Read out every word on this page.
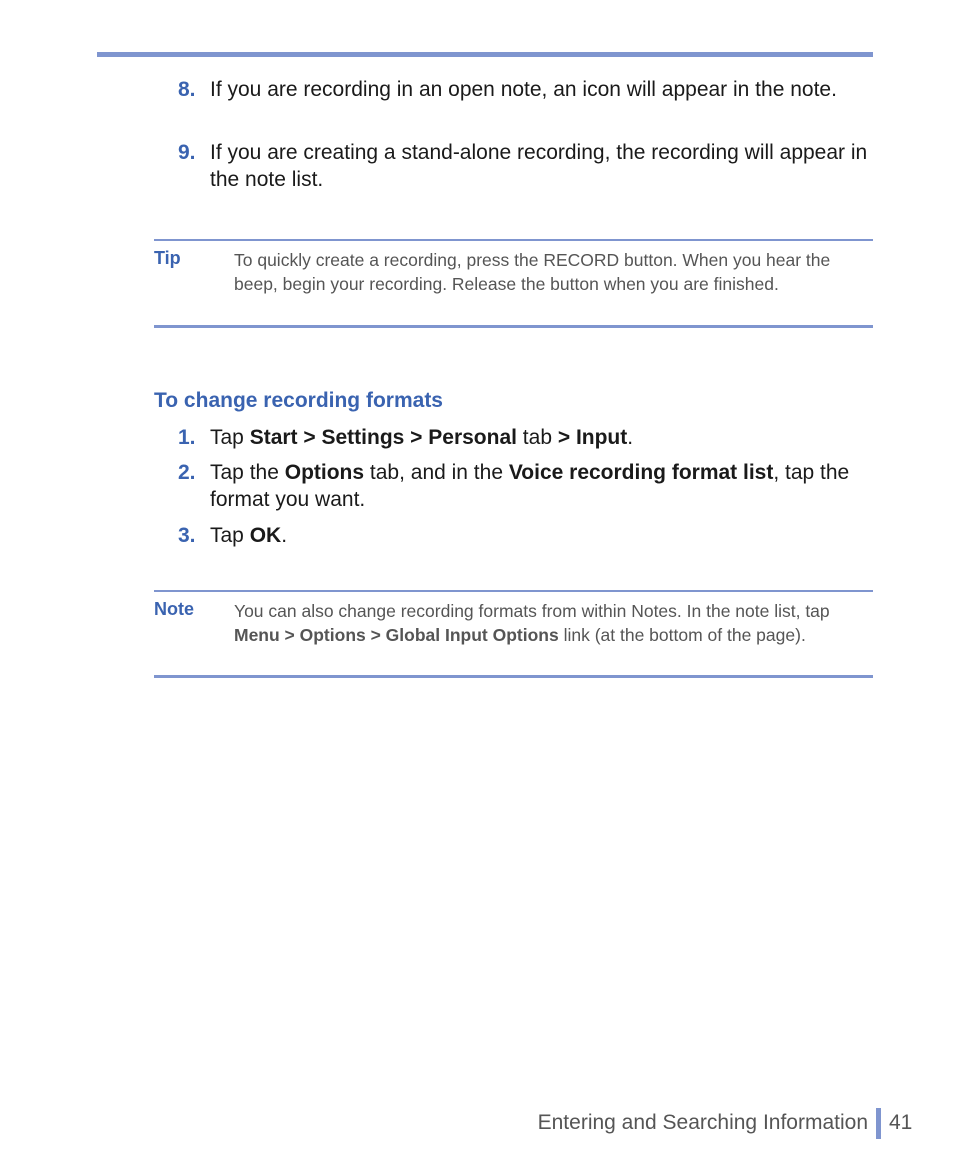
8. If you are recording in an open note, an icon will appear in the note.
9. If you are creating a stand-alone recording, the recording will appear in the note list.
Tip	To quickly create a recording, press the RECORD button. When you hear the beep, begin your recording. Release the button when you are finished.
To change recording formats
1. Tap Start > Settings > Personal tab > Input.
2. Tap the Options tab, and in the Voice recording format list, tap the format you want.
3. Tap OK.
Note You can also change recording formats from within Notes. In the note list, tap Menu > Options > Global Input Options link (at the bottom of the page).
Entering and Searching Information 41
